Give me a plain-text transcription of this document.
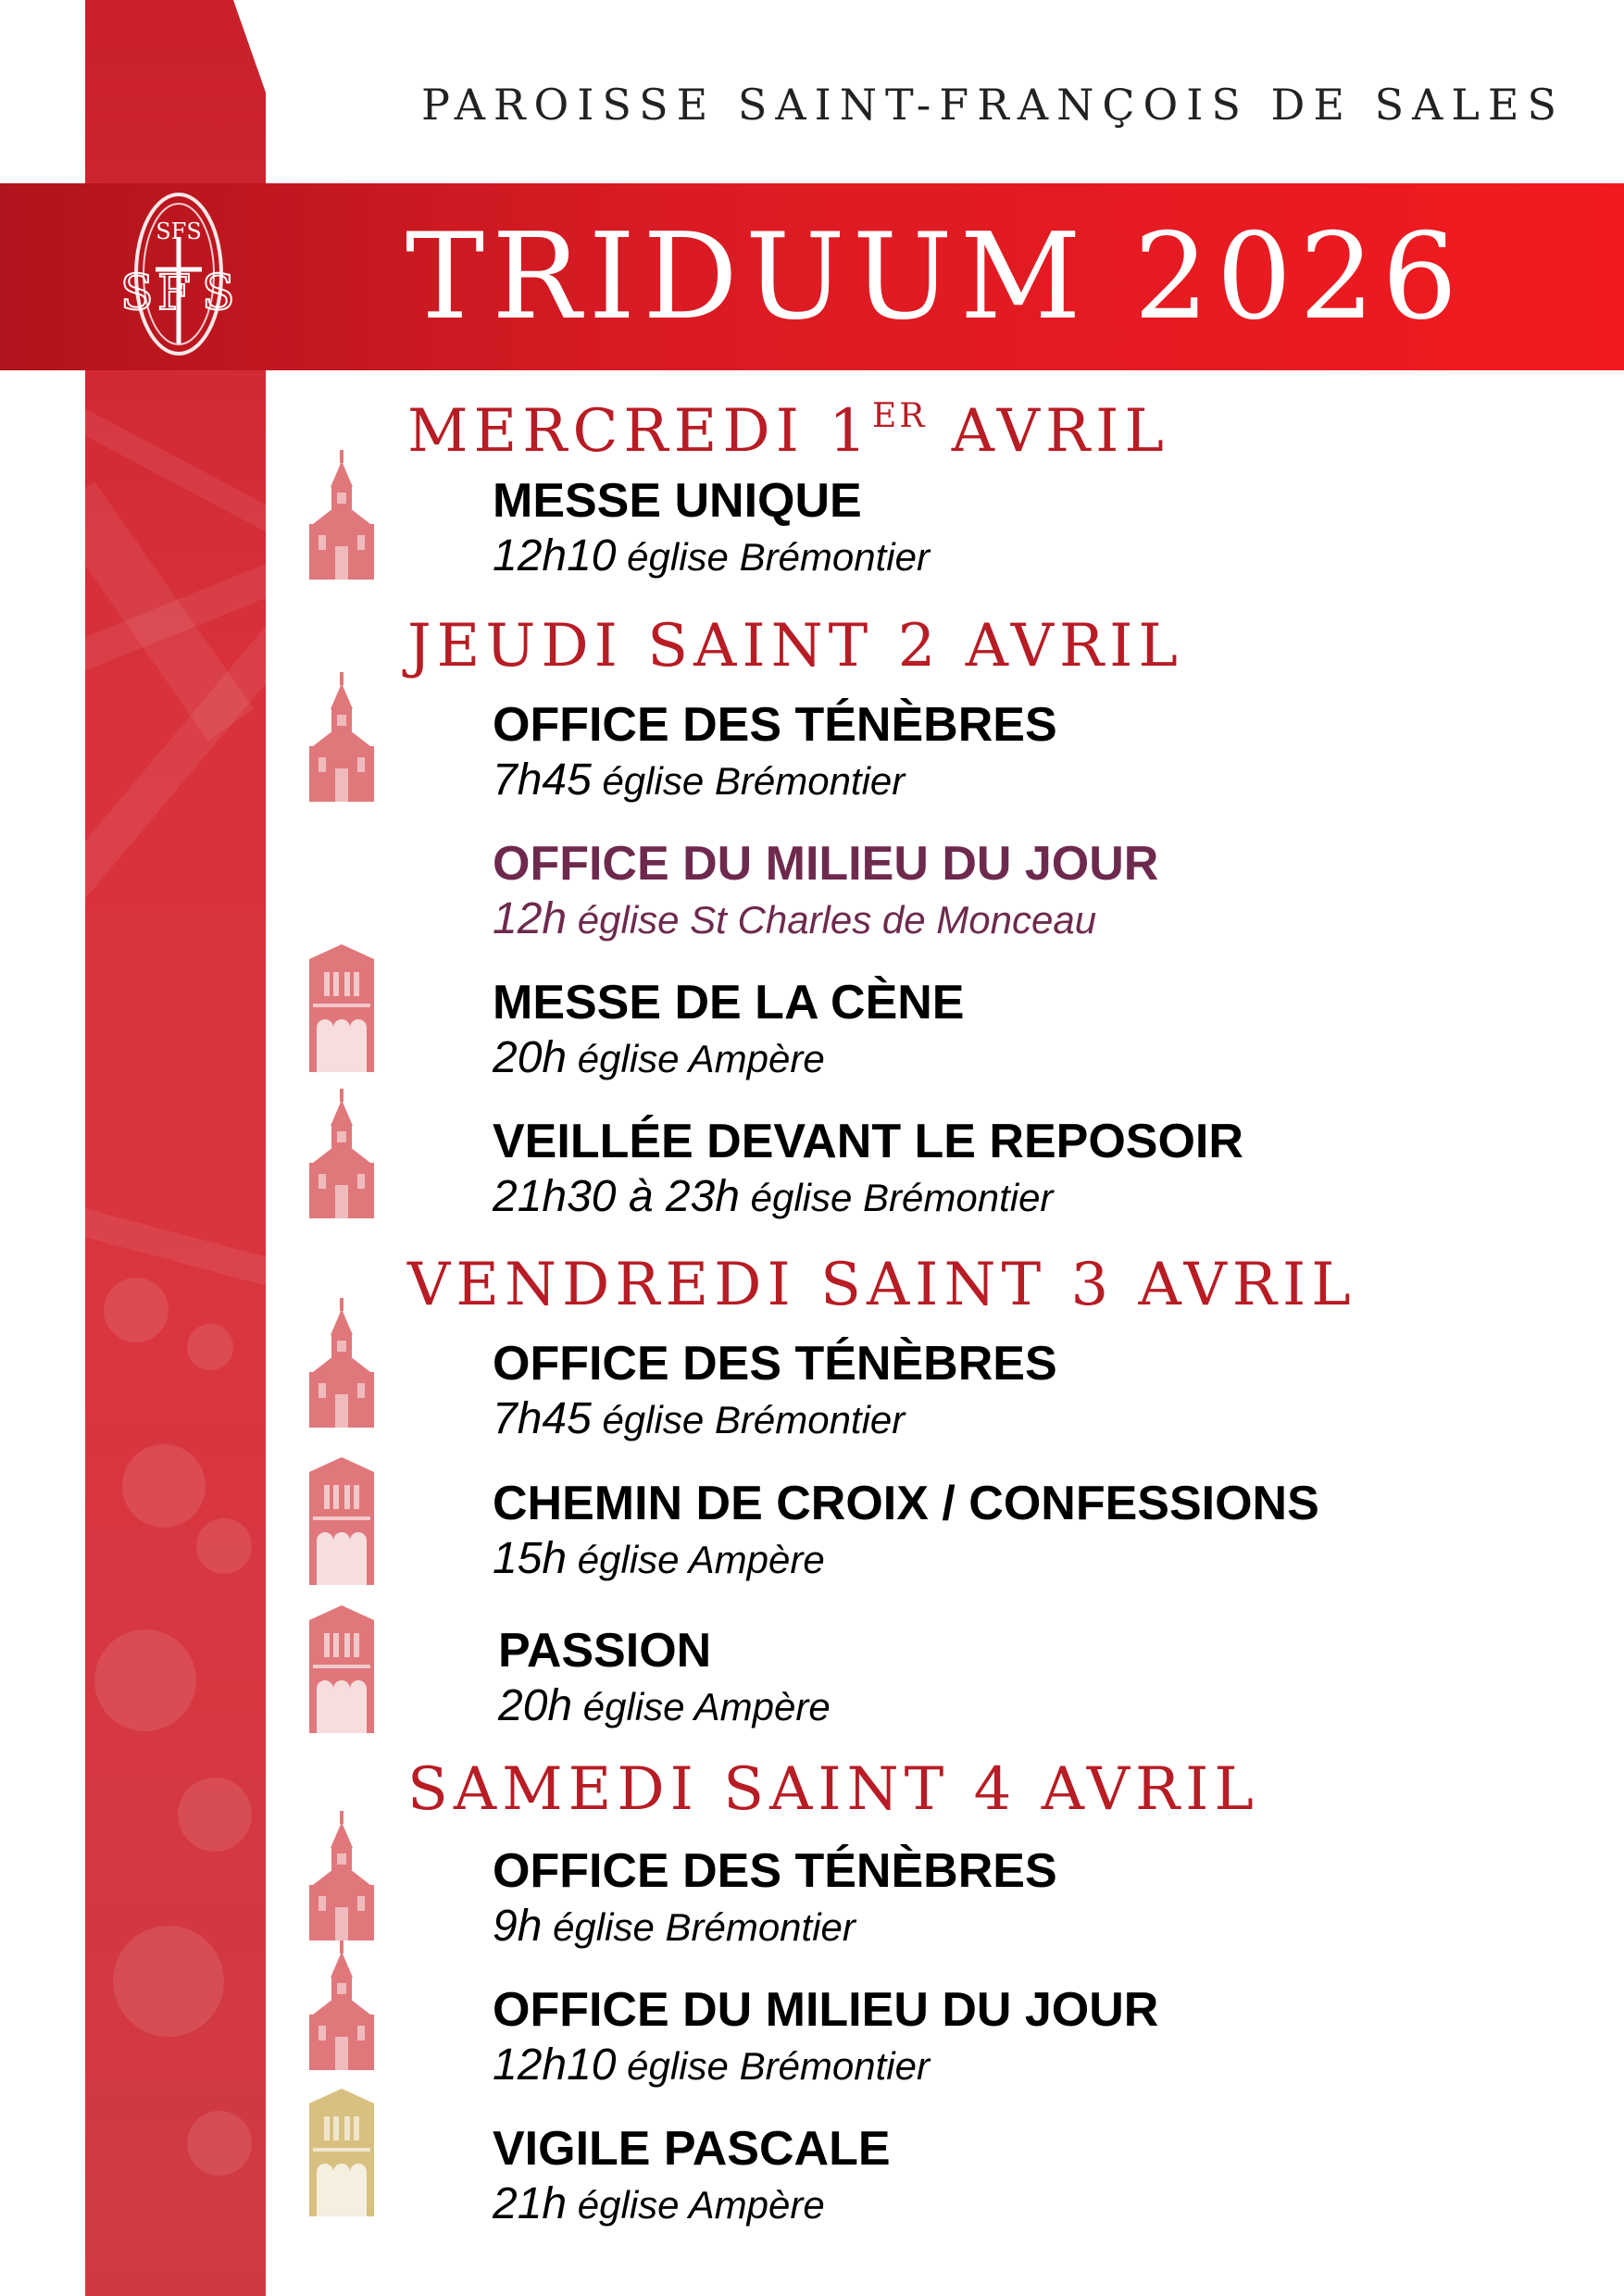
PAROISSE SAINT-FRANÇOIS DE SALES
TRIDUUM 2026
SFS
S F S
MERCREDI 1ER AVRIL
JEUDI SAINT 2 AVRIL
VENDREDI SAINT 3 AVRIL
SAMEDI SAINT 4 AVRIL
MESSE UNIQUE
12h10 église Brémontier
OFFICE DES TÉNÈBRES
7h45 église Brémontier
OFFICE DU MILIEU DU JOUR
12h église St Charles de Monceau
MESSE DE LA CÈNE
20h église Ampère
VEILLÉE DEVANT LE REPOSOIR
21h30 à 23h église Brémontier
OFFICE DES TÉNÈBRES
7h45 église Brémontier
CHEMIN DE CROIX / CONFESSIONS
15h église Ampère
PASSION
20h église Ampère
OFFICE DES TÉNÈBRES
9h église Brémontier
OFFICE DU MILIEU DU JOUR
12h10 église Brémontier
VIGILE PASCALE
21h église Ampère
